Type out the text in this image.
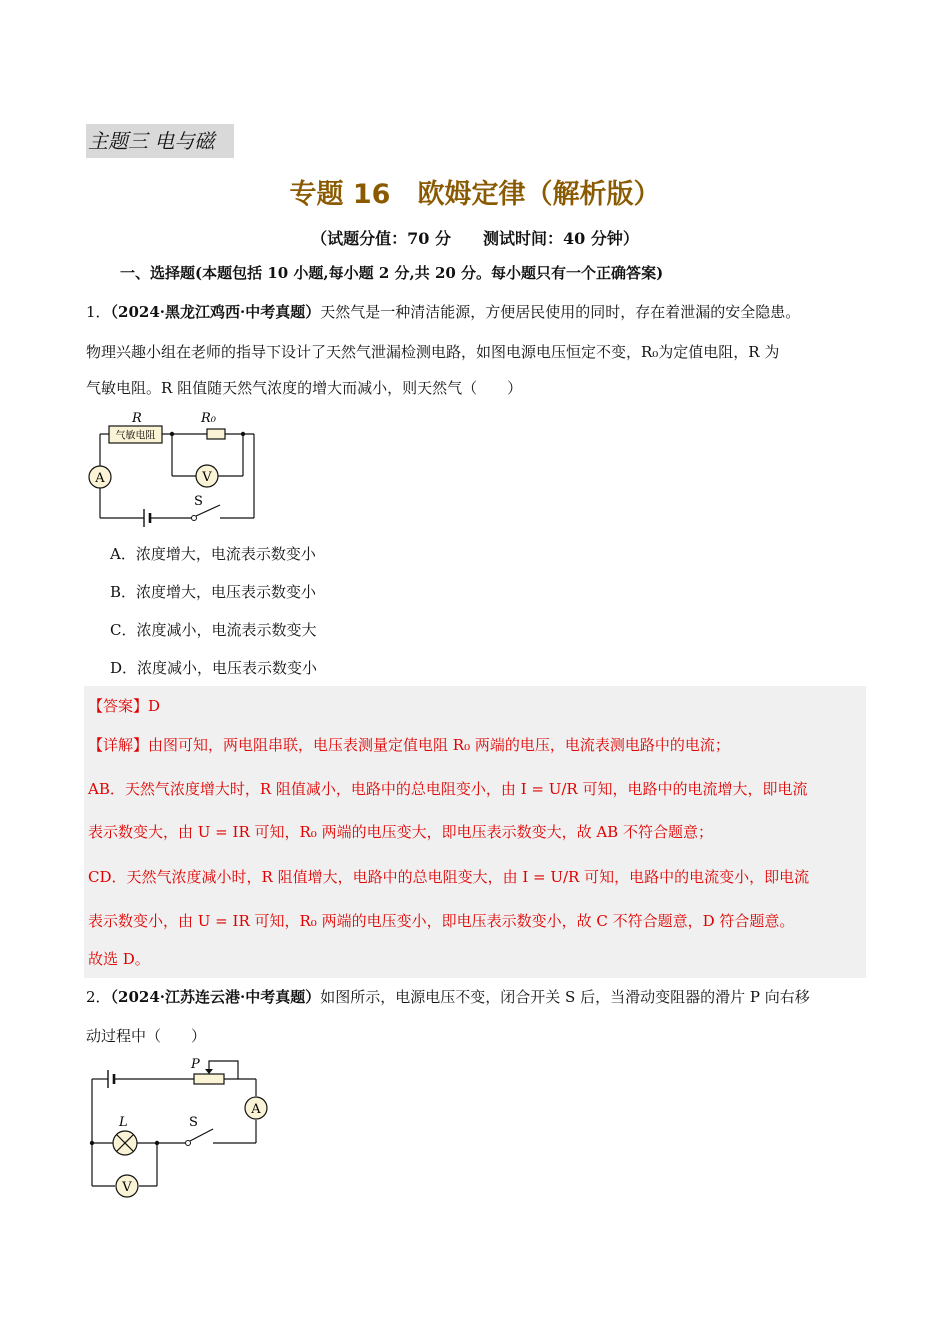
主题三 电与磁
专题 16　欧姆定律（解析版）
（试题分值：70 分　　测试时间：40 分钟）
一、选择题(本题包括 10 小题,每小题 2 分,共 20 分。每小题只有一个正确答案)
1．（2024·黑龙江鸡西·中考真题）天然气是一种清洁能源，方便居民使用的同时，存在着泄漏的安全隐患。
物理兴趣小组在老师的指导下设计了天然气泄漏检测电路，如图电源电压恒定不变，R₀为定值电阻，R 为
气敏电阻。R 阻值随天然气浓度的增大而减小，则天然气（　　）
R
气敏电阻
R₀
A	V
S
A．浓度增大，电流表示数变小
B．浓度增大，电压表示数变小
C．浓度减小，电流表示数变大
D．浓度减小，电压表示数变小
【答案】D
【详解】由图可知，两电阻串联，电压表测量定值电阻 R₀ 两端的电压，电流表测电路中的电流；
AB．天然气浓度增大时，R 阻值减小，电路中的总电阻变小，由 I = U/R 可知，电路中的电流增大，即电流
表示数变大，由 U = IR 可知，R₀ 两端的电压变大，即电压表示数变大，故 AB 不符合题意；
CD．天然气浓度减小时，R 阻值增大，电路中的总电阻变大，由 I = U/R 可知，电路中的电流变小，即电流
表示数变小，由 U = IR 可知，R₀ 两端的电压变小，即电压表示数变小，故 C 不符合题意，D 符合题意。
故选 D。
2．（2024·江苏连云港·中考真题）如图所示，电源电压不变，闭合开关 S 后，当滑动变阻器的滑片 P 向右移
动过程中（　　）
P
L	S
A
V
